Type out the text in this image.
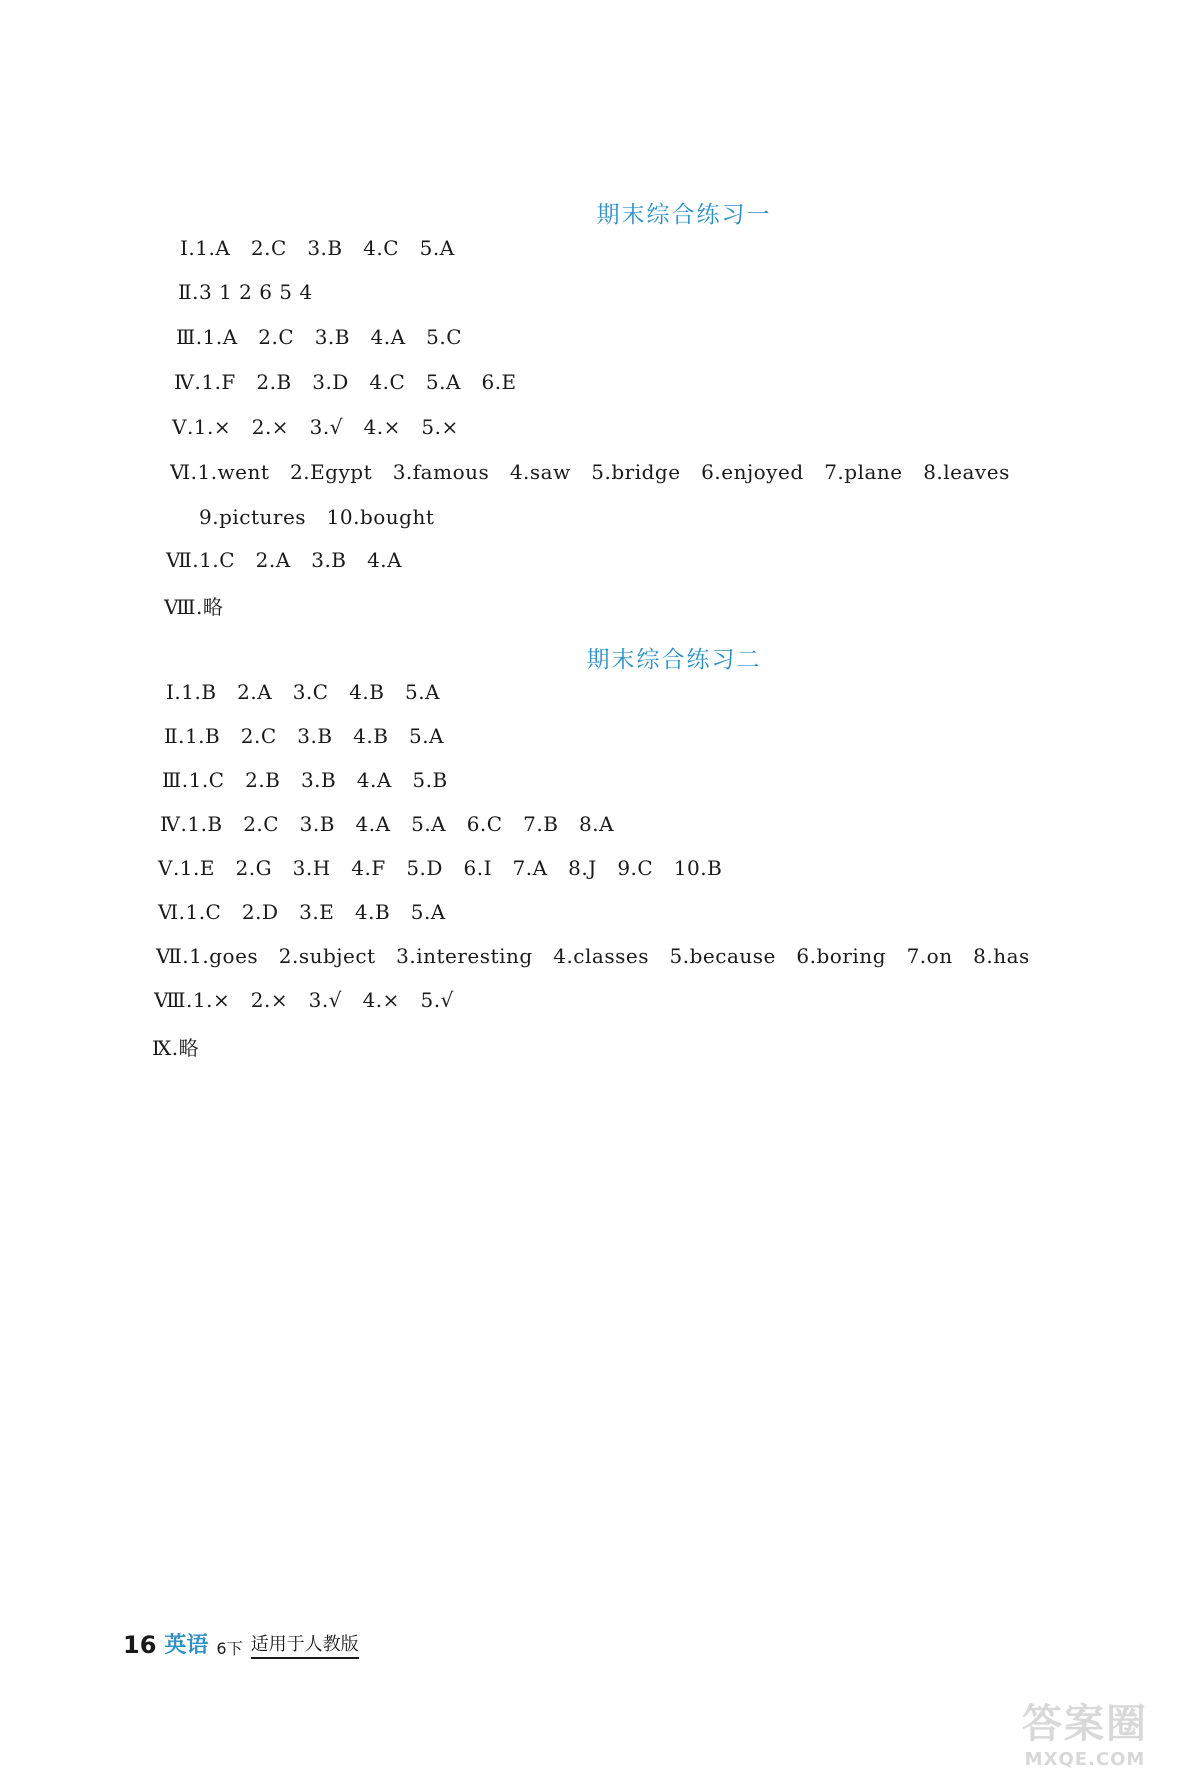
期末综合练习一
Ⅰ.1.A   2.C   3.B   4.C   5.A
Ⅱ.3 1 2 6 5 4
Ⅲ.1.A   2.C   3.B   4.A   5.C
Ⅳ.1.F   2.B   3.D   4.C   5.A   6.E
Ⅴ.1.×   2.×   3.√   4.×   5.×
Ⅵ.1.went   2.Egypt   3.famous   4.saw   5.bridge   6.enjoyed   7.plane   8.leaves
9.pictures   10.bought
Ⅶ.1.C   2.A   3.B   4.A
Ⅷ.略
期末综合练习二
Ⅰ.1.B   2.A   3.C   4.B   5.A
Ⅱ.1.B   2.C   3.B   4.B   5.A
Ⅲ.1.C   2.B   3.B   4.A   5.B
Ⅳ.1.B   2.C   3.B   4.A   5.A   6.C   7.B   8.A
Ⅴ.1.E   2.G   3.H   4.F   5.D   6.I   7.A   8.J   9.C   10.B
Ⅵ.1.C   2.D   3.E   4.B   5.A
Ⅶ.1.goes   2.subject   3.interesting   4.classes   5.because   6.boring   7.on   8.has
Ⅷ.1.×   2.×   3.√   4.×   5.√
Ⅸ.略
16 英语 6下 适用于人教版
答案圈
MXQE.COM
